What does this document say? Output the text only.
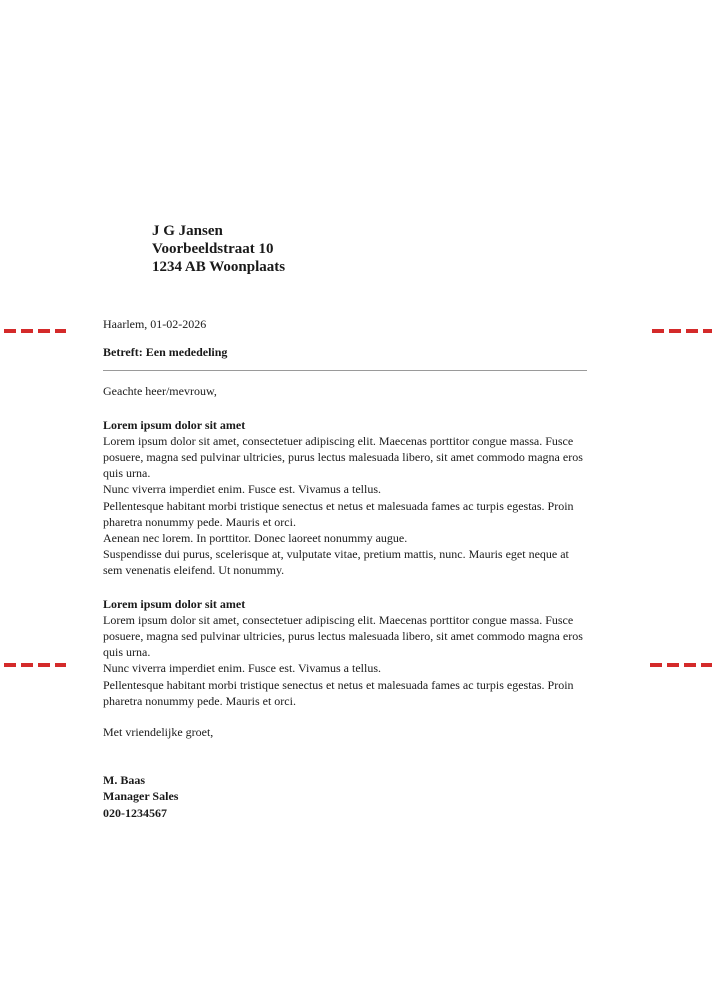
J G Jansen
Voorbeeldstraat 10
1234 AB Woonplaats
Haarlem, 01-02-2026
Betreft: Een mededeling
Geachte heer/mevrouw,
Lorem ipsum dolor sit amet

Lorem ipsum dolor sit amet, consectetuer adipiscing elit. Maecenas porttitor congue massa. Fusce posuere, magna sed pulvinar ultricies, purus lectus malesuada libero, sit amet commodo magna eros quis urna.

Nunc viverra imperdiet enim. Fusce est. Vivamus a tellus.

Pellentesque habitant morbi tristique senectus et netus et malesuada fames ac turpis egestas. Proin pharetra nonummy pede. Mauris et orci.

Aenean nec lorem. In porttitor. Donec laoreet nonummy augue.

Suspendisse dui purus, scelerisque at, vulputate vitae, pretium mattis, nunc. Mauris eget neque at sem venenatis eleifend. Ut nonummy.

Lorem ipsum dolor sit amet

Lorem ipsum dolor sit amet, consectetuer adipiscing elit. Maecenas porttitor congue massa. Fusce posuere, magna sed pulvinar ultricies, purus lectus malesuada libero, sit amet commodo magna eros quis urna.

Nunc viverra imperdiet enim. Fusce est. Vivamus a tellus.

Pellentesque habitant morbi tristique senectus et netus et malesuada fames ac turpis egestas. Proin pharetra nonummy pede. Mauris et orci.

Met vriendelijke groet,
M. Baas
Manager Sales
020-1234567
